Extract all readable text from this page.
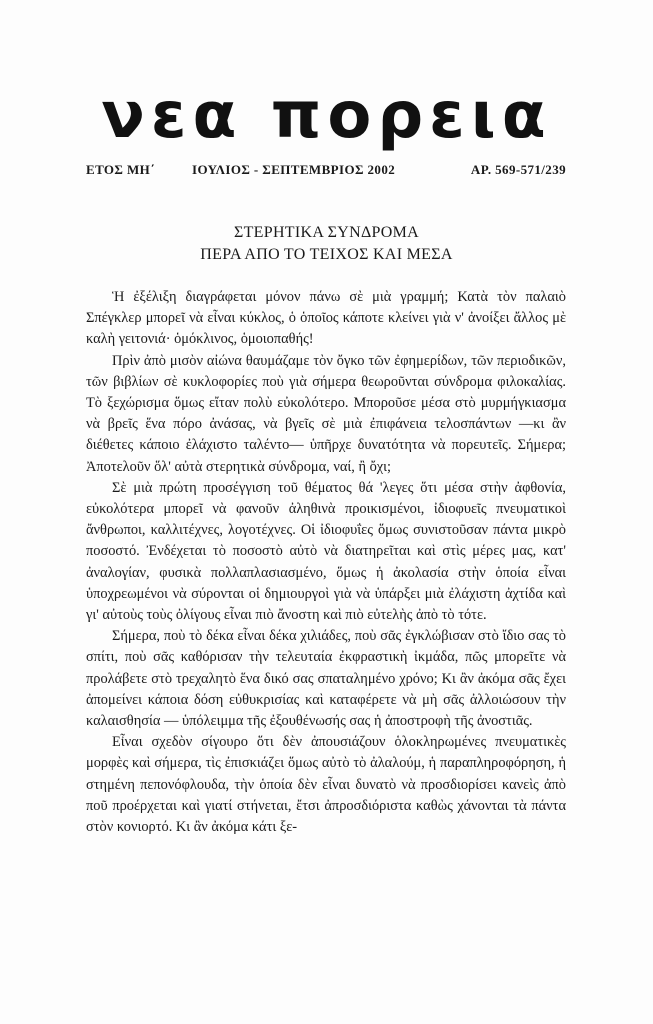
νεα πορεια
ΕΤΟΣ ΜΗ΄	ΙΟΥΛΙΟΣ - ΣΕΠΤΕΜΒΡΙΟΣ 2002	ΑΡ. 569-571/239
ΣΤΕΡΗΤΙΚΑ ΣΥΝΔΡΟΜΑ
ΠΕΡΑ ΑΠΟ ΤΟ ΤΕΙΧΟΣ ΚΑΙ ΜΕΣΑ

Ἡ ἐξέλιξη διαγράφεται μόνον πάνω σὲ μιὰ γραμμή; Κατὰ τὸν παλαιὸ Σπέγκλερ μπορεῖ νὰ εἶναι κύκλος, ὁ ὁποῖος κάποτε κλείνει γιὰ ν' ἀνοίξει ἄλλος μὲ καλὴ γειτονιά· ὁμόκλινος, ὁμοιοπαθής!

Πρὶν ἀπὸ μισὸν αἰώνα θαυμάζαμε τὸν ὄγκο τῶν ἐφημερίδων, τῶν περιοδικῶν, τῶν βιβλίων σὲ κυκλοφορίες ποὺ γιὰ σήμερα θεωροῦνται σύνδρομα φιλοκαλίας. Τὸ ξεχώρισμα ὅμως εἴταν πολὺ εὐκολότερο. Μποροῦσε μέσα στὸ μυρμήγκιασμα νὰ βρεῖς ἕνα πόρο ἀνάσας, νὰ βγεῖς σὲ μιὰ ἐπιφάνεια τελοσπάντων —κι ἂν διέθετες κάποιο ἐλάχιστο ταλέντο— ὑπῆρχε δυνατότητα νὰ πορευτεῖς. Σήμερα; Ἀποτελοῦν ὅλ' αὐτὰ στερητικὰ σύνδρομα, ναί, ἢ ὄχι;

Σὲ μιὰ πρώτη προσέγγιση τοῦ θέματος θά 'λεγες ὅτι μέσα στὴν ἀφθονία, εὐκολότερα μπορεῖ νὰ φανοῦν ἀληθινὰ προικισμένοι, ἰδιοφυεῖς πνευματικοὶ ἄνθρωποι, καλλιτέχνες, λογοτέχνες. Οἱ ἰδιοφυΐες ὅμως συνιστοῦσαν πάντα μικρὸ ποσοστό. Ἐνδέχεται τὸ ποσοστὸ αὐτὸ νὰ διατηρεῖται καὶ στὶς μέρες μας, κατ' ἀναλογίαν, φυσικὰ πολλαπλασιασμένο, ὅμως ἡ ἀκολασία στὴν ὁποία εἶναι ὑποχρεωμένοι νὰ σύρονται οἱ δημιουργοὶ γιὰ νὰ ὑπάρξει μιὰ ἐλάχιστη ἀχτίδα καὶ γι' αὐτοὺς τοὺς ὀλίγους εἶναι πιὸ ἄνοστη καὶ πιὸ εὐτελὴς ἀπὸ τὸ τότε.

Σήμερα, ποὺ τὸ δέκα εἶναι δέκα χιλιάδες, ποὺ σᾶς ἐγκλώβισαν στὸ ἴδιο σας τὸ σπίτι, ποὺ σᾶς καθόρισαν τὴν τελευταία ἐκφραστικὴ ἰκμάδα, πῶς μπορεῖτε νὰ προλάβετε στὸ τρεχαλητὸ ἕνα δικό σας σπαταλημένο χρόνο; Κι ἂν ἀκόμα σᾶς ἔχει ἀπομείνει κάποια δόση εὐθυκρισίας καὶ καταφέρετε νὰ μὴ σᾶς ἀλλοιώσουν τὴν καλαισθησία — ὑπόλειμμα τῆς ἐξουθένωσής σας ἡ ἀποστροφὴ τῆς ἀνοστιᾶς.

Εἶναι σχεδὸν σίγουρο ὅτι δὲν ἀπουσιάζουν ὁλοκληρωμένες πνευματικὲς μορφὲς καὶ σήμερα, τὶς ἐπισκιάζει ὅμως αὐτὸ τὸ ἀλαλούμ, ἡ παραπληροφόρηση, ἡ στημένη πεπονόφλουδα, τὴν ὁποία δὲν εἶναι δυνατὸ νὰ προσδιορίσει κανεὶς ἀπὸ ποῦ προέρχεται καὶ γιατί στήνεται, ἔτσι ἀπροσδιόριστα καθὼς χάνονται τὰ πάντα στὸν κονιορτό. Κι ἂν ἀκόμα κάτι ξε-
